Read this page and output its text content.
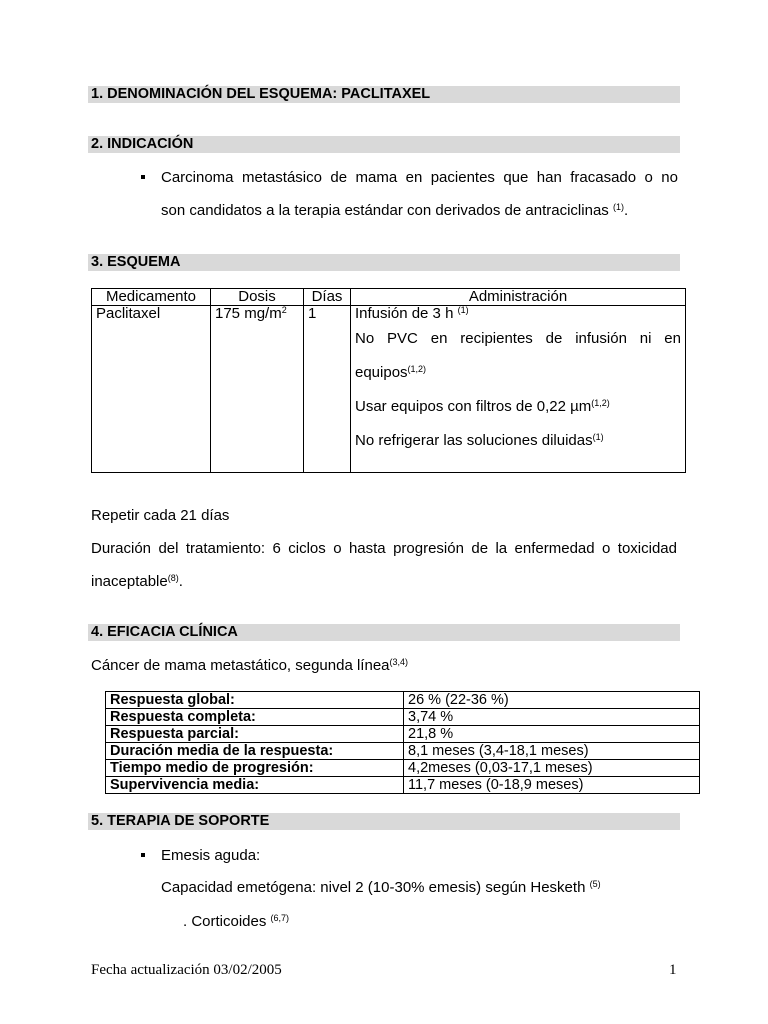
1. DENOMINACIÓN DEL ESQUEMA: PACLITAXEL
2. INDICACIÓN
Carcinoma metastásico de mama en pacientes que han fracasado o no
son candidatos a la terapia estándar con derivados de antraciclinas $^{(1)}$.
3. ESQUEMA
Medicamento	Dosis	Días	Administración
Paclitaxel	175 $mg/m^2$	1	Infusión de 3 h $^{(1)}$

No PVC en recipientes de infusión ni en

equipos$^{(1,2)}$

Usar equipos con filtros de 0,22 µm$^{(1,2)}$

No refrigerar las soluciones diluidas$^{(1)}$

Repetir cada 21 días
Duración del tratamiento: 6 ciclos o hasta progresión de la enfermedad o toxicidad
inaceptable$^{(8)}$.
4. EFICACIA CLÍNICA
Cáncer de mama metastático, segunda línea$^{(3,4)}$
Respuesta global:	26 % (22-36 %)
Respuesta completa:	3,74 %
Respuesta parcial:	21,8 %
Duración media de la respuesta:	8,1 meses (3,4-18,1 meses)
Tiempo medio de progresión:	4,2meses (0,03-17,1 meses)
Supervivencia media:	11,7 meses (0-18,9 meses)
5. TERAPIA DE SOPORTE
Emesis aguda:
Capacidad emetógena: nivel 2 (10-30% emesis) según Hesketh $^{(5)}$
. Corticoides $^{(6,7)}$
Fecha actualización 03/02/2005	1
